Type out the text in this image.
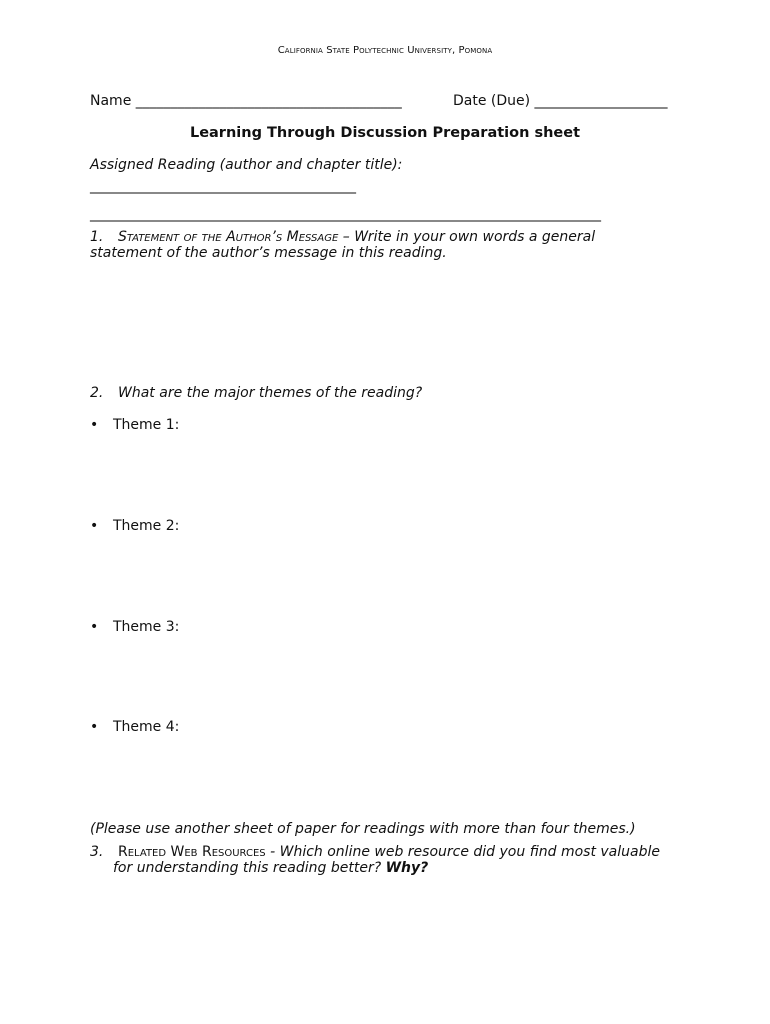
California State Polytechnic University, Pomona
Name ______________________________________	Date (Due) ___________________
Learning Through Discussion Preparation sheet
Assigned Reading (author and chapter title):
______________________________________
_________________________________________________________________________
1. Statement of the Author’s Message – Write in your own words a general
statement of the author’s message in this reading.
2. What are the major themes of the reading?
• Theme 1:
• Theme 2:
• Theme 3:
• Theme 4:
(Please use another sheet of paper for readings with more than four themes.)
3. Related Web Resources - Which online web resource did you find most valuable
for understanding this reading better? Why?
